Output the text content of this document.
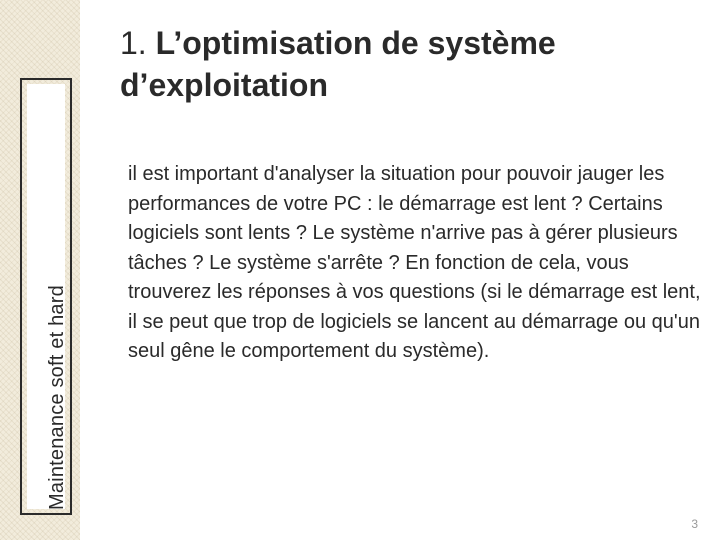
Maintenance soft et hard
1. L’optimisation de système d’exploitation

il est important d'analyser la situation pour pouvoir jauger les performances de votre PC : le démarrage est lent ? Certains logiciels sont lents ? Le système n'arrive pas à gérer plusieurs tâches ? Le système s'arrête ? En fonction de cela, vous trouverez les réponses à vos questions (si le démarrage est lent, il se peut que trop de logiciels se lancent au démarrage ou qu'un seul gêne le comportement du système).

3
